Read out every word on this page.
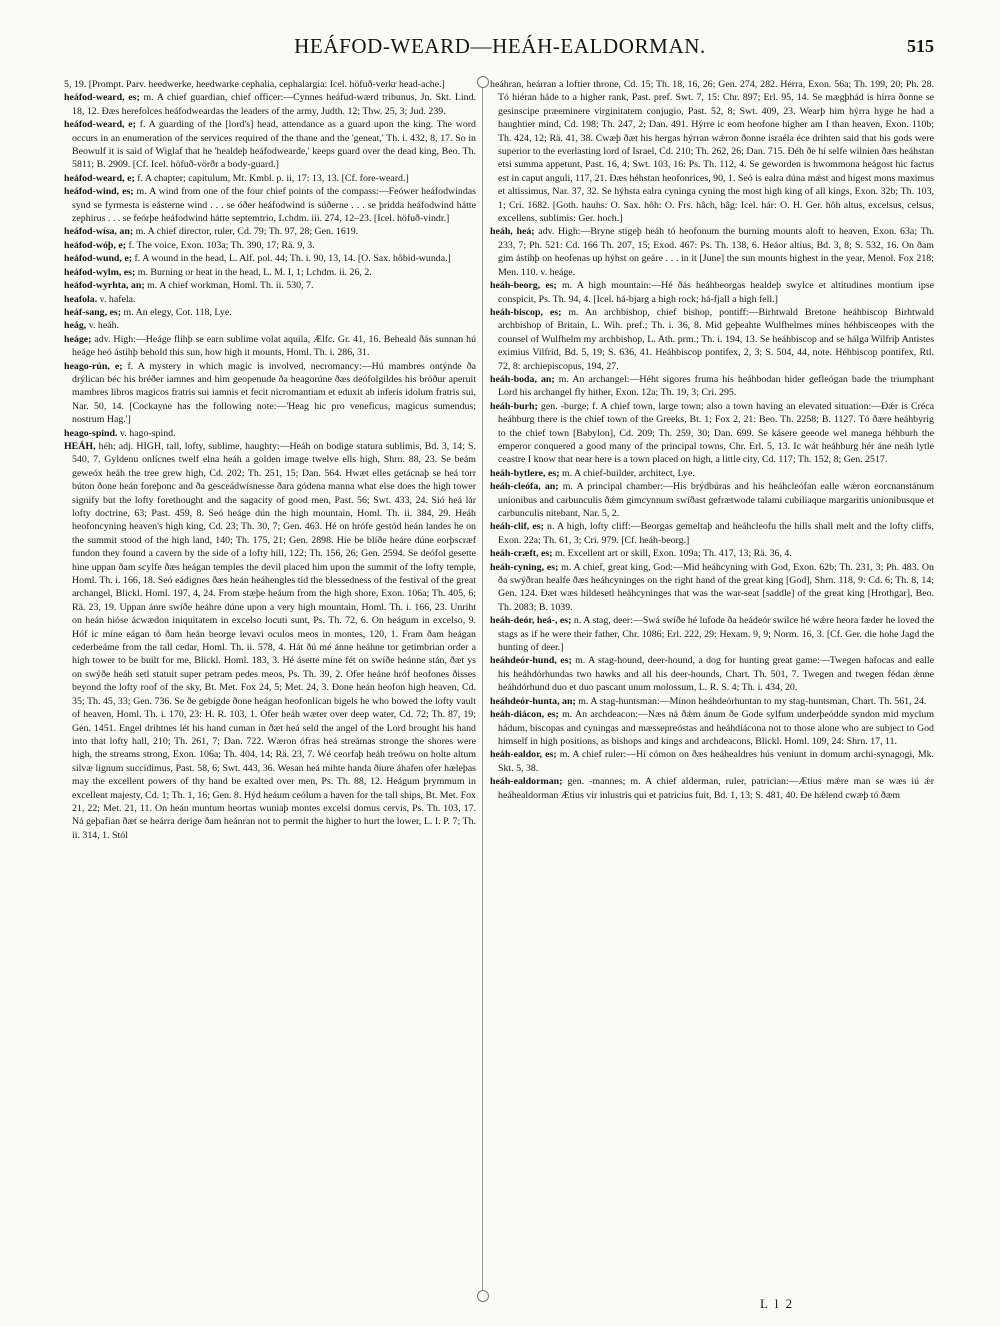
HEÁFOD-WEARD—HEÁH-EALDORMAN.	515

5, 19. [Prompt. Parv. heedwerke, heedwarke cephalia, cephalargia: Icel. höfuð-verkr head-ache.]

heáfod-weard, es; m. A chief guardian, chief officer:—Cynnes heáfud-wærd tribunus, Jn. Skt. Lind. 18, 12. Ðæs herefolces heáfodweardas the leaders of the army, Judth. 12; Thw. 25, 3; Jud. 239.

heáfod-weard, e; f. A guarding of the [lord's] head, attendance as a guard upon the king. The word occurs in an enumeration of the services required of the thane and the 'geneat,' Th. i. 432, 8, 17. So in Beowulf it is said of Wiglaf that he 'healdeþ heáfodwearde,' keeps guard over the dead king, Beo. Th. 5811; B. 2909. [Cf. Icel. höfuð-vörðr a body-guard.]

heáfod-weard, e; f. A chapter; capitulum, Mt. Kmbl. p. ii, 17: 13, 13. [Cf. fore-weard.]

heáfod-wind, es; m. A wind from one of the four chief points of the compass:—Feówer heáfodwindas synd se fyrmesta is eásterne wind . . . se óðer heáfodwind is súðerne . . . se þridda heáfodwind hátte zephirus . . . se feórþe heáfodwind hátte septemtrio, Lchdm. iii. 274, 12–23. [Icel. höfuð-vindr.]

heáfod-wísa, an; m. A chief director, ruler, Cd. 79; Th. 97, 28; Gen. 1619.

heáfod-wóþ, e; f. The voice, Exon. 103a; Th. 390, 17; Rä. 9, 3.

heáfod-wund, e; f. A wound in the head, L. Alf. pol. 44; Th. i. 90, 13, 14. [O. Sax. hôbid-wunda.]

heáfod-wylm, es; m. Burning or heat in the head, L. M. I, 1; Lchdm. ii. 26, 2.

heáfod-wyrhta, an; m. A chief workman, Homl. Th. ii. 530, 7.

heafola. v. hafela.

heáf-sang, es; m. An elegy, Cot. 118, Lye.

heág, v. heáh.

heáge; adv. High:—Heáge flihþ se earn sublime volat aquila, Ælfc. Gr. 41, 16. Beheald ðás sunnan hú heáge heó ástihþ behold this sun, how high it mounts, Homl. Th. i. 286, 31.

heago-rún, e; f. A mystery in which magic is involved, necromancy:—Hú mambres ontýnde ða drýlican béc his bréðer iamnes and him geopenude ða heagorúne ðæs deófolgildes his bróður aperuit mambres libros magicos fratris sui iamnis et fecit nicromantiam et eduxit ab inferis idolum fratris sui, Nar. 50, 14. [Cockayne has the following note:—'Heag hic pro veneficus, magicus sumendus; nostrum Hag.']

heago-spind. v. hago-spind.

HEÁH, héh; adj. HIGH, tall, lofty, sublime, haughty:—Heáh on bodige statura sublimis, Bd. 3, 14; S. 540, 7. Gyldenu onlícnes twelf elna heáh a golden image twelve ells high, Shrn. 88, 23. Se beám geweóx heáh the tree grew high, Cd. 202; Th. 251, 15; Dan. 564. Hwæt elles getácnaþ se heá torr búton ðone heán foreþonc and ða gesceádwísnesse ðara gódena manna what else does the high tower signify but the lofty forethought and the sagacity of good men, Past. 56; Swt. 433, 24. Sió heá lár lofty doctrine, 63; Past. 459, 8. Seó heáge dún the high mountain, Homl. Th. ii. 384, 29. Heáh heofoncyning heaven's high king, Cd. 23; Th. 30, 7; Gen. 463. Hé on hrófe gestód heán landes he on the summit stood of the high land, 140; Th. 175, 21; Gen. 2898. Hie be blíðe heáre dúne eorþscræf fundon they found a cavern by the side of a lofty hill, 122; Th. 156, 26; Gen. 2594. Se deófol gesette hine uppan ðam scylfe ðæs heágan temples the devil placed him upon the summit of the lofty temple, Homl. Th. i. 166, 18. Seó eádignes ðæs heán heáhengles tíd the blessedness of the festival of the great archangel, Blickl. Homl. 197, 4, 24. From stæþe heáum from the high shore, Exon. 106a; Th. 405, 6; Rä. 23, 19. Uppan ánre swíðe heáhre dúne upon a very high mountain, Homl. Th. i. 166, 23. Unriht on heán hióse ácwædon iniquitatem in excelso locuti sunt, Ps. Th. 72, 6. On heágum in excelso, 9. Hóf ic míne eágan tó ðam heán beorge levavi oculos meos in montes, 120, 1. Fram ðam heágan cederbeáme from the tall cedar, Homl. Th. ii. 578, 4. Hát ðú mé ánne heáhne tor getimbrian order a high tower to be built for me, Blickl. Homl. 183, 3. Hé ásette míne fét on swíðe heánne stán, ðæt ys on swýðe heáh setl statuit super petram pedes meos, Ps. Th. 39, 2. Ofer heáne hróf heofones ðisses beyond the lofty roof of the sky, Bt. Met. Fox 24, 5; Met. 24, 3. Ðone heán heofon high heaven, Cd. 35; Th. 45, 33; Gen. 736. Se ðe gebígde ðone heágan heofonlícan bigels he who bowed the lofty vault of heaven, Homl. Th. i. 170, 23: H. R. 103, 1. Ofer heáh wæter over deep water, Cd. 72; Th. 87, 19; Gen. 1451. Engel drihtnes lét his hand cuman in ðæt heá seld the angel of the Lord brought his hand into that lofty hall, 210; Th. 261, 7; Dan. 722. Wæron ófras heá streámas stronge the shores were high, the streams strong, Exon. 106a; Th. 404, 14; Rä. 23, 7. Wé ceorfaþ heáh treówu on holte altum silvæ lignum succidimus, Past. 58, 6; Swt. 443, 36. Wesan heá mihte handa ðíure áhafen ofer hæleþas may the excellent powers of thy hand be exalted over men, Ps. Th. 88, 12. Heágum þrymmum in excellent majesty, Cd. 1; Th. 1, 16; Gen. 8. Hýd heáum ceólum a haven for the tall ships, Bt. Met. Fox 21, 22; Met. 21, 11. On heán muntum heortas wuniaþ montes excelsi domus cervis, Ps. Th. 103, 17. Ná geþafian ðæt se heárra derige ðam heánran not to permit the higher to hurt the lower, L. I. P. 7; Th. ii. 314, 1. Stól

heáhran, heárran a loftier throne, Cd. 15; Th. 18, 16, 26; Gen. 274, 282. Hérra, Exon. 56a; Th. 199, 20; Ph. 28. Tó hiéran háde to a higher rank, Past. pref. Swt. 7, 15: Chr. 897; Erl. 95, 14. Se mægþhád is hírra ðonne se gesinscipe præeminere virginitatem conjugio, Past. 52, 8; Swt. 409, 23. Wearþ him hýrra hyge he had a haughtier mind, Cd. 198; Th. 247, 2; Dan. 491. Hýrre ic eom heofone higher am I than heaven, Exon. 110b; Th. 424, 12; Rä. 41, 38. Cwæþ ðæt his hergas hýrran wǽron ðonne israéla éce drihten said that his gods were superior to the everlasting lord of Israel, Cd. 210; Th. 262, 26; Dan. 715. Ðéh ðe hí selfe wilnien ðæs heáhstan etsi summa appetunt, Past. 16, 4; Swt. 103, 16: Ps. Th. 112, 4. Se geworden is hwommona heágost hic factus est in caput anguli, 117, 21. Ðæs héhstan heofonríces, 90, 1. Seó is ealra dúna mǽst and hígest mons maximus et altissimus, Nar. 37, 32. Se hýhsta ealra cyninga cyning the most high king of all kings, Exon. 32b; Th. 103, 1; Cri. 1682. [Goth. hauhs: O. Sax. hôh: O. Frs. hâch, hâg: Icel. hár: O. H. Ger. hôh altus, excelsus, celsus, excellens, sublimis: Ger. hoch.]

heáh, heá; adv. High:—Bryne stígeþ heáh tó heofonum the burning mounts aloft to heaven, Exon. 63a; Th. 233, 7; Ph. 521: Cd. 166 Th. 207, 15; Exod. 467: Ps. Th. 138, 6. Heáor altius, Bd. 3, 8; S. 532, 16. On ðam gim ástíhþ on heofenas up hýhst on geáre . . . in it [June] the sun mounts highest in the year, Menol. Fox 218; Men. 110. v. heáge.

heáh-beorg, es; m. A high mountain:—Hé ðás heáhbeorgas healdeþ swylce et altitudines montium ipse conspicit, Ps. Th. 94, 4. [Icel. há-bjarg a high rock; há-fjall a high fell.]

heáh-biscop, es; m. An archbishop, chief bishop, pontiff:—Birhtwald Bretone heáhbiscop Birhtwald archbishop of Britain, L. Wih. pref.; Th. i. 36, 8. Mid geþeahte Wulfhelmes mínes héhbisceopes with the counsel of Wulfhelm my archbishop, L. Ath. prm.; Th. i. 194, 13. Se heáhbiscop and se hálga Wilfriþ Antistes eximius Vilfrid, Bd. 5, 19; S. 636, 41. Heáhbiscop pontifex, 2, 3; S. 504, 44, note. Héhbiscop pontifex, Rtl. 72, 8: archiepiscopus, 194, 27.

heáh-boda, an; m. An archangel:—Héht sigores fruma his heáhbodan hider gefleógan bade the triumphant Lord his archangel fly hither, Exon. 12a; Th. 19, 3; Cri. 295.

heáh-burh; gen. -burge; f. A chief town, large town; also a town having an elevated situation:—Ðǽr is Créca heáhburg there is the chief town of the Greeks, Bt. 1; Fox 2, 21: Beo. Th. 2258; B. 1127. Tó ðære heáhbyrig to the chief town [Babylon], Cd. 209; Th. 259, 30; Dan. 699. Se kásere geeode wel manega héhburh the emperor conquered a good many of the principal towns, Chr. Erl. 5, 13. Ic wát heáhburg hér áne neáh lytle ceastre I know that near here is a town placed on high, a little city, Cd. 117; Th. 152, 8; Gen. 2517.

heáh-bytlere, es; m. A chief-builder, architect, Lye.

heáh-cleófa, an; m. A principal chamber:—His brýdbúras and his heáhcleófan ealle wǽron eorcnanstánum unionibus and carbunculis ðǽm gimcynnum swíðast gefrætwode talami cubiliaque margaritis unionibusque et carbunculis nitebant, Nar. 5, 2.

heáh-clif, es; n. A high, lofty cliff:—Beorgas gemeltaþ and heáhcleofu the hills shall melt and the lofty cliffs, Exon. 22a; Th. 61, 3; Cri. 979. [Cf. heáh-beorg.]

heáh-cræft, es; m. Excellent art or skill, Exon. 109a; Th. 417, 13; Rä. 36, 4.

heáh-cyning, es; m. A chief, great king, God:—Mid heáhcyning with God, Exon. 62b; Th. 231, 3; Ph. 483. On ða swýðran healfe ðæs heáhcyninges on the right hand of the great king [God], Shrn. 118, 9: Cd. 6; Th. 8, 14; Gen. 124. Ðæt wæs hildesetl heáhcyninges that was the war-seat [saddle] of the great king [Hrothgar], Beo. Th. 2083; B. 1039.

heáh-deór, heá-, es; n. A stag, deer:—Swá swíðe hé lufode ða heádeór swilce hé wǽre heora fæder he loved the stags as if he were their father, Chr. 1086; Erl. 222, 29: Hexam. 9, 9; Norm. 16, 3. [Cf. Ger. die hohe Jagd the hunting of deer.]

heáhdeór-hund, es; m. A stag-hound, deer-hound, a dog for hunting great game:—Twegen hafocas and ealle his heáhdórhundas two hawks and all his deer-hounds, Chart. Th. 501, 7. Twegen and twegen fédan ǽnne heáhdórhund duo et duo pascant unum molossum, L. R. S. 4; Th. i. 434, 20.

heáhdeór-hunta, an; m. A stag-huntsman:—Mínon heáhdeórhuntan to my stag-huntsman, Chart. Th. 561, 24.

heáh-diácon, es; m. An archdeacon:—Næs ná ðǽm ánum ðe Gode sylfum underþeódde syndon mid myclum hádum, biscopas and cyningas and mæssepreóstas and heáhdiácona not to those alone who are subject to God himself in high positions, as bishops and kings and archdeacons, Blickl. Homl. 109, 24: Shrn. 17, 11.

heáh-ealdor, es; m. A chief ruler:—Hí cómon on ðæs heáhealdres hús veniunt in domum archi-synagogi, Mk. Skt. 5, 38.

heáh-ealdorman; gen. -mannes; m. A chief alderman, ruler, patrician:—Ætius mǽre man se wæs iú ǽr heáhealdorman Ætius vir inlustris qui et patricius fuit, Bd. 1, 13; S. 481, 40. Ðe hǽlend cwæþ tó ðæm

L l 2
